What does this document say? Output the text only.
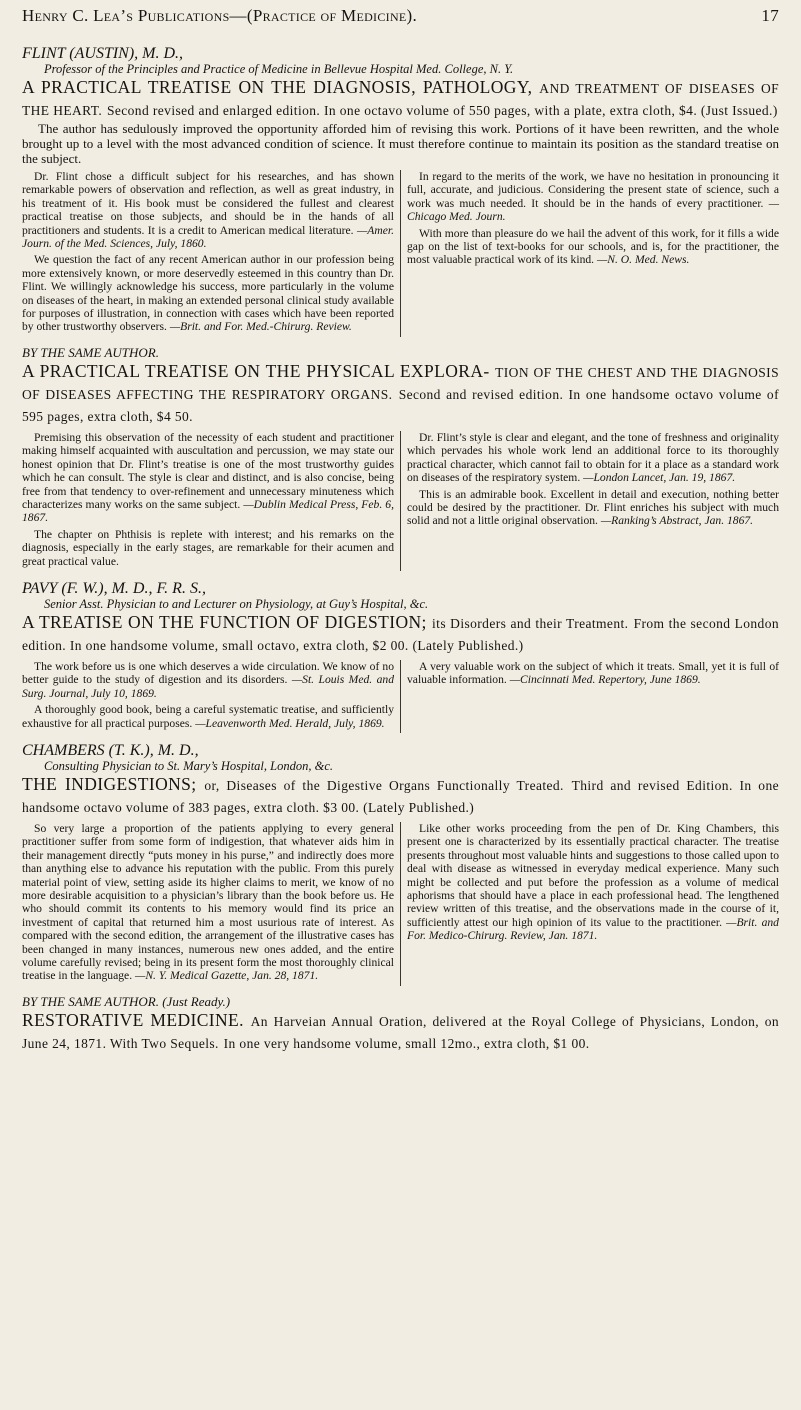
Henry C. Lea’s Publications—(Practice of Medicine).	17
FLINT (AUSTIN), M. D.,
Professor of the Principles and Practice of Medicine in Bellevue Hospital Med. College, N. Y.
A PRACTICAL TREATISE ON THE DIAGNOSIS, PATHOLOGY, AND TREATMENT OF DISEASES OF THE HEART. Second revised and enlarged edition. In one octavo volume of 550 pages, with a plate, extra cloth, $4. (Just Issued.)
The author has sedulously improved the opportunity afforded him of revising this work. Portions of it have been rewritten, and the whole brought up to a level with the most advanced condition of science. It must therefore continue to maintain its position as the standard treatise on the subject.

Dr. Flint chose a difficult subject for his researches, and has shown remarkable powers of observation and reflection, as well as great industry, in his treatment of it. His book must be considered the fullest and clearest practical treatise on those subjects, and should be in the hands of all practitioners and students. It is a credit to American medical literature. —Amer. Journ. of the Med. Sciences, July, 1860.

We question the fact of any recent American author in our profession being more extensively known, or more deservedly esteemed in this country than Dr. Flint. We willingly acknowledge his success, more particularly in the volume on diseases of the heart, in making an extended personal clinical study available for purposes of illustration, in connection with cases which have been reported by other trustworthy observers. —Brit. and For. Med.-Chirurg. Review.

In regard to the merits of the work, we have no hesitation in pronouncing it full, accurate, and judicious. Considering the present state of science, such a work was much needed. It should be in the hands of every practitioner. —Chicago Med. Journ.

With more than pleasure do we hail the advent of this work, for it fills a wide gap on the list of text-books for our schools, and is, for the practitioner, the most valuable practical work of its kind. —N. O. Med. News.

BY THE SAME AUTHOR.
A PRACTICAL TREATISE ON THE PHYSICAL EXPLORA- TION OF THE CHEST AND THE DIAGNOSIS OF DISEASES AFFECTING THE RESPIRATORY ORGANS. Second and revised edition. In one handsome octavo volume of 595 pages, extra cloth, $4 50.

Premising this observation of the necessity of each student and practitioner making himself acquainted with auscultation and percussion, we may state our honest opinion that Dr. Flint’s treatise is one of the most trustworthy guides which he can consult. The style is clear and distinct, and is also concise, being free from that tendency to over-refinement and unnecessary minuteness which characterizes many works on the same subject. —Dublin Medical Press, Feb. 6, 1867.

The chapter on Phthisis is replete with interest; and his remarks on the diagnosis, especially in the early stages, are remarkable for their acumen and great practical value.

Dr. Flint’s style is clear and elegant, and the tone of freshness and originality which pervades his whole work lend an additional force to its thoroughly practical character, which cannot fail to obtain for it a place as a standard work on diseases of the respiratory system. —London Lancet, Jan. 19, 1867.

This is an admirable book. Excellent in detail and execution, nothing better could be desired by the practitioner. Dr. Flint enriches his subject with much solid and not a little original observation. —Ranking’s Abstract, Jan. 1867.

PAVY (F. W.), M. D., F. R. S.,
Senior Asst. Physician to and Lecturer on Physiology, at Guy’s Hospital, &c.
A TREATISE ON THE FUNCTION OF DIGESTION; its Disorders and their Treatment. From the second London edition. In one handsome volume, small octavo, extra cloth, $2 00. (Lately Published.)

The work before us is one which deserves a wide circulation. We know of no better guide to the study of digestion and its disorders. —St. Louis Med. and Surg. Journal, July 10, 1869.

A thoroughly good book, being a careful systematic treatise, and sufficiently exhaustive for all practical purposes. —Leavenworth Med. Herald, July, 1869.

A very valuable work on the subject of which it treats. Small, yet it is full of valuable information. —Cincinnati Med. Repertory, June 1869.

CHAMBERS (T. K.), M. D.,
Consulting Physician to St. Mary’s Hospital, London, &c.
THE INDIGESTIONS; or, Diseases of the Digestive Organs Functionally Treated. Third and revised Edition. In one handsome octavo volume of 383 pages, extra cloth. $3 00. (Lately Published.)

So very large a proportion of the patients applying to every general practitioner suffer from some form of indigestion, that whatever aids him in their management directly “puts money in his purse,” and indirectly does more than anything else to advance his reputation with the public. From this purely material point of view, setting aside its higher claims to merit, we know of no more desirable acquisition to a physician’s library than the book before us. He who should commit its contents to his memory would find its price an investment of capital that returned him a most usurious rate of interest. As compared with the second edition, the arrangement of the illustrative cases has been changed in many instances, numerous new ones added, and the entire volume carefully revised; being in its present form the most thoroughly clinical treatise in the language. —N. Y. Medical Gazette, Jan. 28, 1871.

Like other works proceeding from the pen of Dr. King Chambers, this present one is characterized by its essentially practical character. The treatise presents throughout most valuable hints and suggestions to those called upon to deal with disease as witnessed in everyday medical experience. Many such might be collected and put before the profession as a volume of medical aphorisms that should have a place in each professional head. The lengthened review written of this treatise, and the observations made in the course of it, sufficiently attest our high opinion of its value to the practitioner. —Brit. and For. Medico-Chirurg. Review, Jan. 1871.

BY THE SAME AUTHOR. (Just Ready.)
RESTORATIVE MEDICINE. An Harveian Annual Oration, delivered at the Royal College of Physicians, London, on June 24, 1871. With Two Sequels. In one very handsome volume, small 12mo., extra cloth, $1 00.
